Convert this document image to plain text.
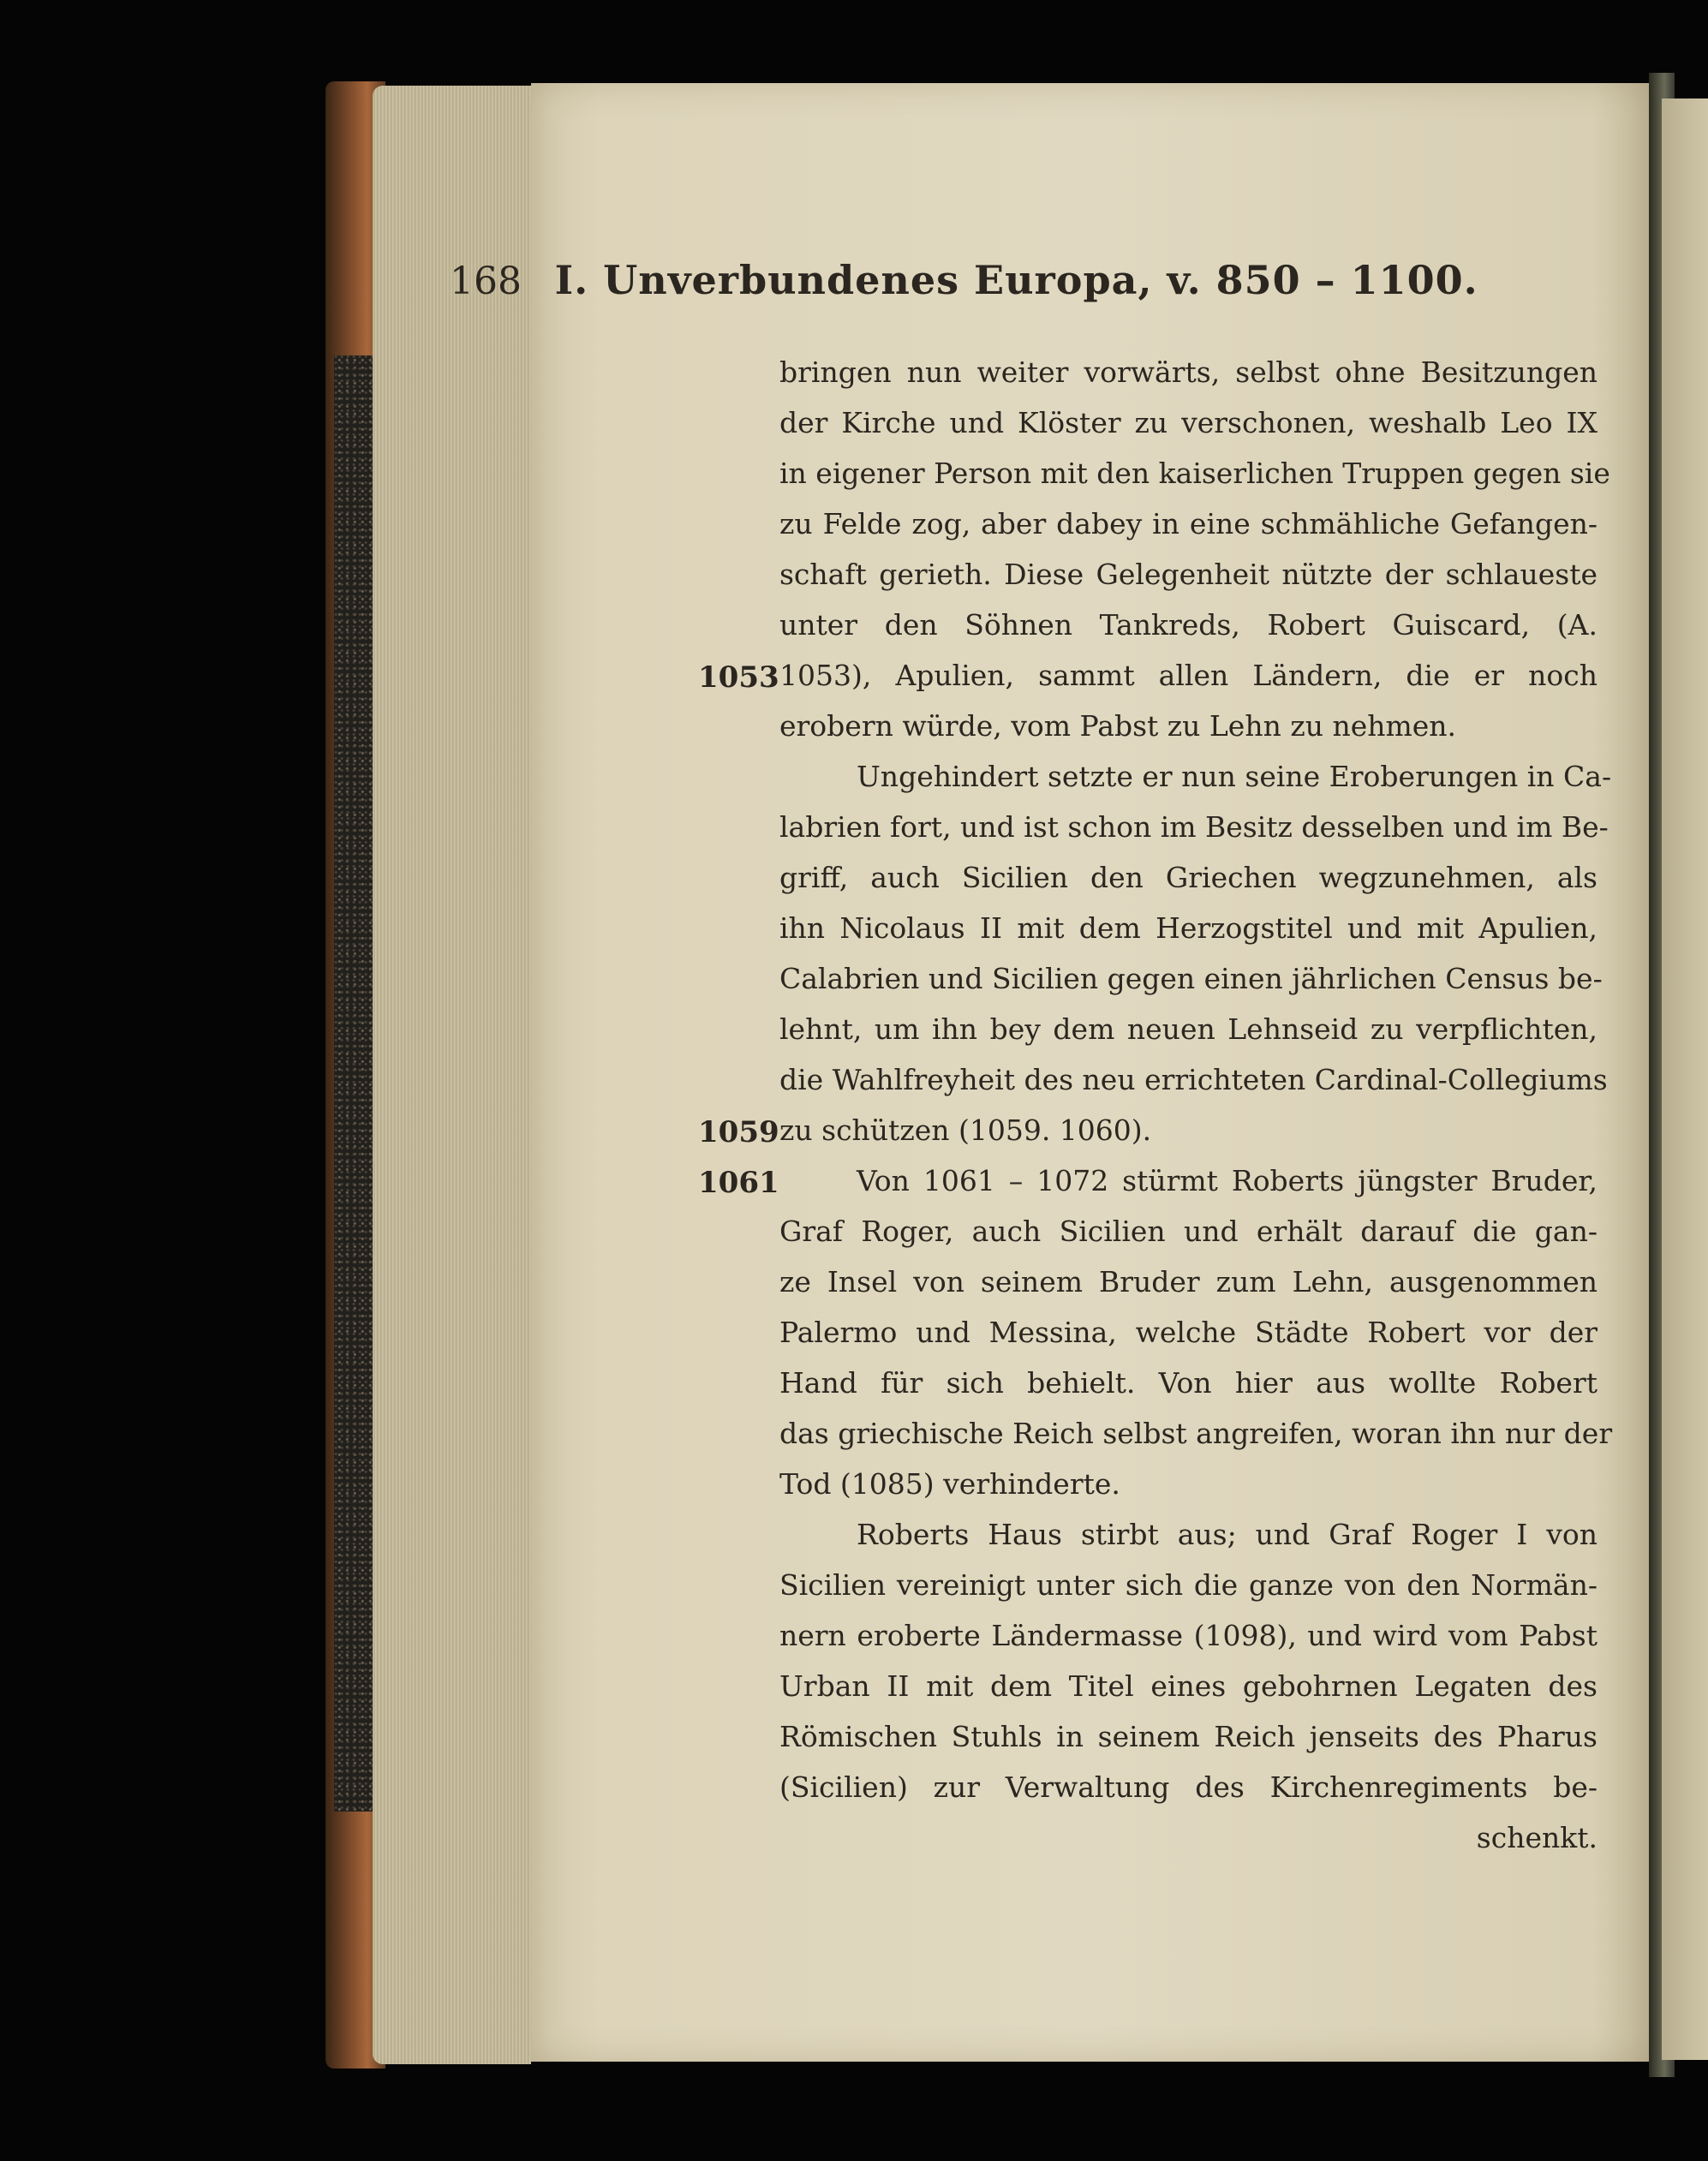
168 I. Unverbundenes Europa, v. 850 – 1100.
1053
1059
1061
bringen nun weiter vorwärts, selbst ohne Besitzungen
der Kirche und Klöster zu verschonen, weshalb Leo IX
in eigener Person mit den kaiserlichen Truppen gegen sie
zu Felde zog, aber dabey in eine schmähliche Gefangen-
schaft gerieth. Diese Gelegenheit nützte der schlaueste
unter den Söhnen Tankreds, Robert Guiscard, (A.
1053), Apulien, sammt allen Ländern, die er noch
erobern würde, vom Pabst zu Lehn zu nehmen.
Ungehindert setzte er nun seine Eroberungen in Ca-
labrien fort, und ist schon im Besitz desselben und im Be-
griff, auch Sicilien den Griechen wegzunehmen, als
ihn Nicolaus II mit dem Herzogstitel und mit Apulien,
Calabrien und Sicilien gegen einen jährlichen Census be-
lehnt, um ihn bey dem neuen Lehnseid zu verpflichten,
die Wahlfreyheit des neu errichteten Cardinal-Collegiums
zu schützen (1059. 1060).
Von 1061 – 1072 stürmt Roberts jüngster Bruder,
Graf Roger, auch Sicilien und erhält darauf die gan-
ze Insel von seinem Bruder zum Lehn, ausgenommen
Palermo und Messina, welche Städte Robert vor der
Hand für sich behielt. Von hier aus wollte Robert
das griechische Reich selbst angreifen, woran ihn nur der
Tod (1085) verhinderte.
Roberts Haus stirbt aus; und Graf Roger I von
Sicilien vereinigt unter sich die ganze von den Normän-
nern eroberte Ländermasse (1098), und wird vom Pabst
Urban II mit dem Titel eines gebohrnen Legaten des
Römischen Stuhls in seinem Reich jenseits des Pharus
(Sicilien) zur Verwaltung des Kirchenregiments be-
schenkt.
